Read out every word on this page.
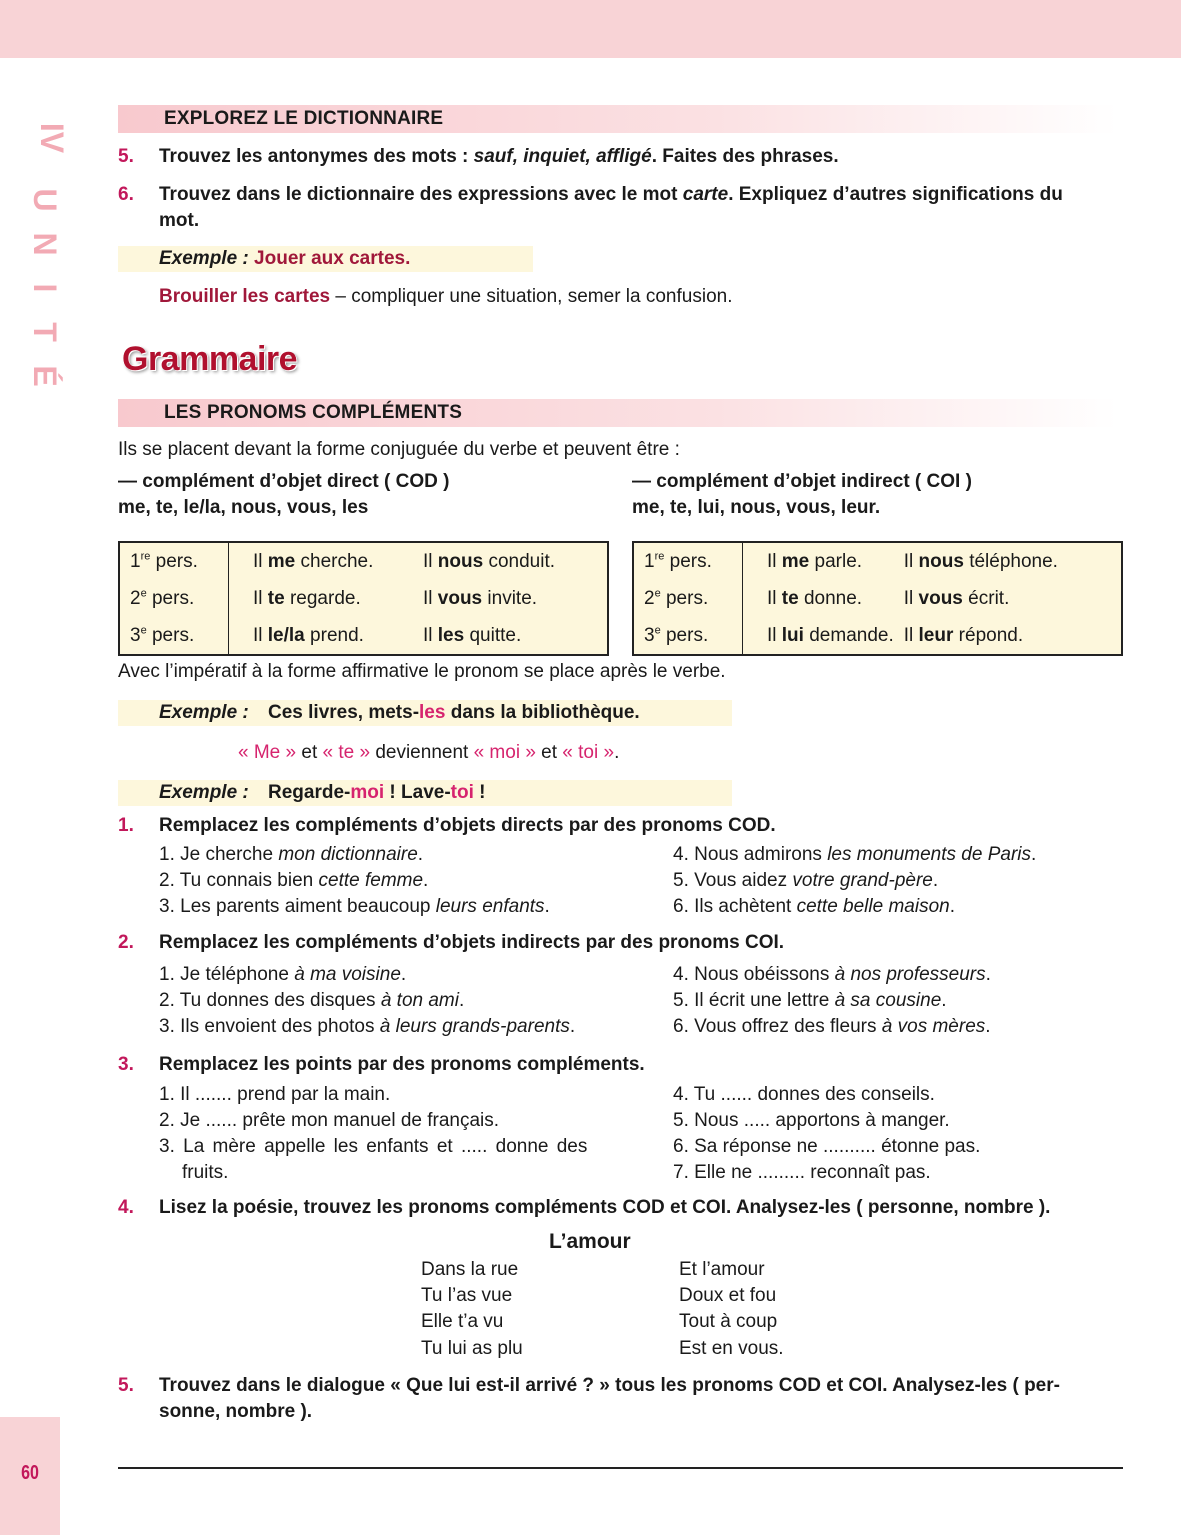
60
IV
U
N
I
T
É
EXPLOREZ LE DICTIONNAIRE
5. Trouvez les antonymes des mots : sauf, inquiet, affligé. Faites des phrases.
6. Trouvez dans le dictionnaire des expressions avec le mot carte. Expliquez d’autres significations du
mot.
Exemple : Jouer aux cartes.
Brouiller les cartes – compliquer une situation, semer la confusion.
Grammaire
LES PRONOMS COMPLÉMENTS
Ils se placent devant la forme conjuguée du verbe et peuvent être :
— complément d’objet direct ( COD )
me, te, le/la, nous, vous, les
— complément d’objet indirect ( COI )
me, te, lui, nous, vous, leur.
1re pers.	Il me cherche.	Il nous conduit.
2e pers.	Il te regarde.	Il vous invite.
3e pers.	Il le/la prend.	Il les quitte.
1re pers.	Il me parle.	Il nous téléphone.
2e pers.	Il te donne.	Il vous écrit.
3e pers.	Il lui demande.	Il leur répond.
Avec l’impératif à la forme affirmative le pronom se place après le verbe.
Exemple : Ces livres, mets-les dans la bibliothèque.
« Me » et « te » deviennent « moi » et « toi ».
Exemple : Regarde-moi ! Lave-toi !
1. Remplacez les compléments d’objets directs par des pronoms COD.
1. Je cherche mon dictionnaire.
2. Tu connais bien cette femme.
3. Les parents aiment beaucoup leurs enfants.
4. Nous admirons les monuments de Paris.
5. Vous aidez votre grand-père.
6. Ils achètent cette belle maison.
2. Remplacez les compléments d’objets indirects par des pronoms COI.
1. Je téléphone à ma voisine.
2. Tu donnes des disques à ton ami.
3. Ils envoient des photos à leurs grands-parents.
4. Nous obéissons à nos professeurs.
5. Il écrit une lettre à sa cousine.
6. Vous offrez des fleurs à vos mères.
3. Remplacez les points par des pronoms compléments.
1. Il ....... prend par la main.
2. Je ...... prête mon manuel de français.
3. La mère appelle les enfants et ..... donne des
fruits.
4. Tu ...... donnes des conseils.
5. Nous ..... apportons à manger.
6. Sa réponse ne .......... étonne pas.
7. Elle ne ......... reconnaît pas.
4. Lisez la poésie, trouvez les pronoms compléments COD et COI. Analysez-les ( personne, nombre ).
L’amour
Dans la rue
Tu l’as vue
Elle t’a vu
Tu lui as plu
Et l’amour
Doux et fou
Tout à coup
Est en vous.
5. Trouvez dans le dialogue « Que lui est-il arrivé ? » tous les pronoms COD et COI. Analysez-les ( per-
sonne, nombre ).
